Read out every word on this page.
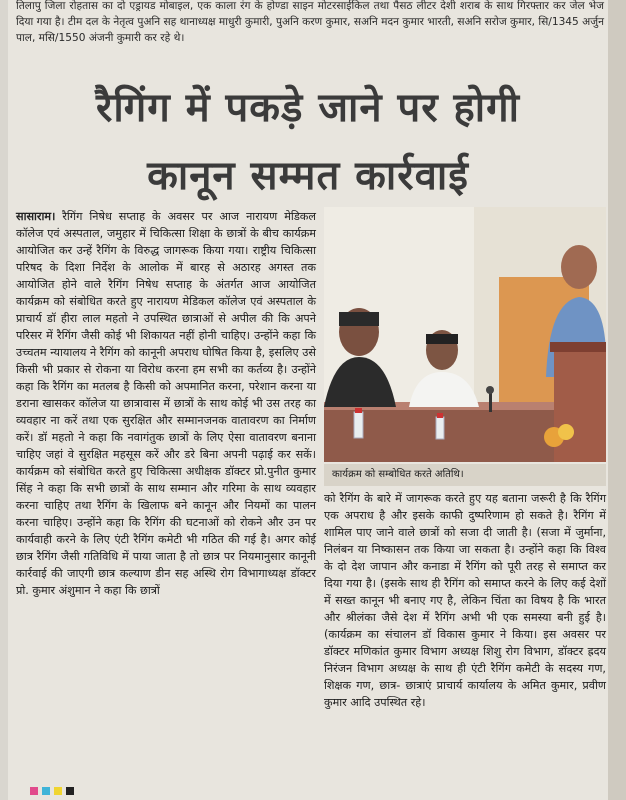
तिलापु जिला रोहतास का दो एड्रायड मोबाइल, एक काला रंग के होण्डा साइन मोटरसाईकिल तथा पैसठ लीटर देशी शराब के साथ गिरफ्तार कर जेल भेज दिया गया है। टीम दल के नेतृत्व पुअनि सह थानाध्यक्ष माधुरी कुमारी, पुअनि करण कुमार, सअनि मदन कुमार भारती, सअनि सरोज कुमार, सि/1345 अर्जुन पाल, मसि/1550 अंजनी कुमारी कर रहे थे।
रैगिंग में पकड़े जाने पर होगी
कानून सम्मत कार्रवाई
सासाराम। रैगिंग निषेध सप्ताह के अवसर पर आज नारायण मेडिकल कॉलेज एवं अस्पताल, जमुहार में चिकित्सा शिक्षा के छात्रों के बीच कार्यक्रम आयोजित कर उन्हें रैगिंग के विरुद्ध जागरूक किया गया। राष्ट्रीय चिकित्सा परिषद के दिशा निर्देश के आलोक में बारह से अठारह अगस्त तक आयोजित होने वाले रैगिंग निषेध सप्ताह के अंतर्गत आज आयोजित कार्यक्रम को संबोधित करते हुए नारायण मेडिकल कॉलेज एवं अस्पताल के प्राचार्य डॉ हीरा लाल महतो ने उपस्थित छात्राओं से अपील की कि अपने परिसर में रैगिंग जैसी कोई भी शिकायत नहीं होनी चाहिए। उन्होंने कहा कि उच्चतम न्यायालय ने रैगिंग को कानूनी अपराध घोषित किया है, इसलिए उसे किसी भी प्रकार से रोकना या विरोध करना हम सभी का कर्तव्य है। उन्होंने कहा कि रैगिंग का मतलब है किसी को अपमानित करना, परेशान करना या डराना खासकर कॉलेज या छात्रावास में छात्रों के साथ कोई भी उस तरह का व्यवहार ना करें तथा एक सुरक्षित और सम्मानजनक वातावरण का निर्माण करें। डॉ महतो ने कहा कि नवागंतुक छात्रों के लिए ऐसा वातावरण बनाना चाहिए जहां वे सुरक्षित महसूस करें और डरे बिना अपनी पढ़ाई कर सकें। कार्यक्रम को संबोधित करते हुए चिकित्सा अधीक्षक डॉक्टर प्रो.पुनीत कुमार सिंह ने कहा कि सभी छात्रों के साथ सम्मान और गरिमा के साथ व्यवहार करना चाहिए तथा रैगिंग के खिलाफ बने कानून और नियमों का पालन करना चाहिए। उन्होंने कहा कि रैगिंग की घटनाओं को रोकने और उन पर कार्यवाही करने के लिए एंटी रैगिंग कमेटी भी गठित की गई है। अगर कोई छात्र रैगिंग जैसी गतिविधि में पाया जाता है तो छात्र पर नियमानुसार कानूनी कार्रवाई की जाएगी छात्र कल्याण डीन सह अस्थि रोग विभागाध्यक्ष डॉक्टर प्रो. कुमार अंशुमान ने कहा कि छात्रों
कार्यक्रम को सम्बोधित करते अतिथि।
को रैगिंग के बारे में जागरूक करते हुए यह बताना जरूरी है कि रैगिंग एक अपराध है और इसके काफी दुष्परिणाम हो सकते है। रैगिंग में शामिल पाए जाने वाले छात्रों को सजा दी जाती है। (सजा में जुर्माना, निलंबन या निष्कासन तक किया जा सकता है। उन्होंने कहा कि विश्व के दो देश जापान और कनाडा में रैगिंग को पूरी तरह से समाप्त कर दिया गया है। (इसके साथ ही रैगिंग को समाप्त करने के लिए कई देशों में सख्त कानून भी बनाए गए है, लेकिन चिंता का विषय है कि भारत और श्रीलंका जैसे देश में रैगिंग अभी भी एक समस्या बनी हुई है। (कार्यक्रम का संचालन डॉ विकास कुमार ने किया। इस अवसर पर डॉक्टर मणिकांत कुमार विभाग अध्यक्ष शिशु रोग विभाग, डॉक्टर ह्रदय निरंजन विभाग अध्यक्ष के साथ ही एंटी रैगिंग कमेटी के सदस्य गण, शिक्षक गण, छात्र- छात्राएं प्राचार्य कार्यालय के अमित कुमार, प्रवीण कुमार आदि उपस्थित रहे।
